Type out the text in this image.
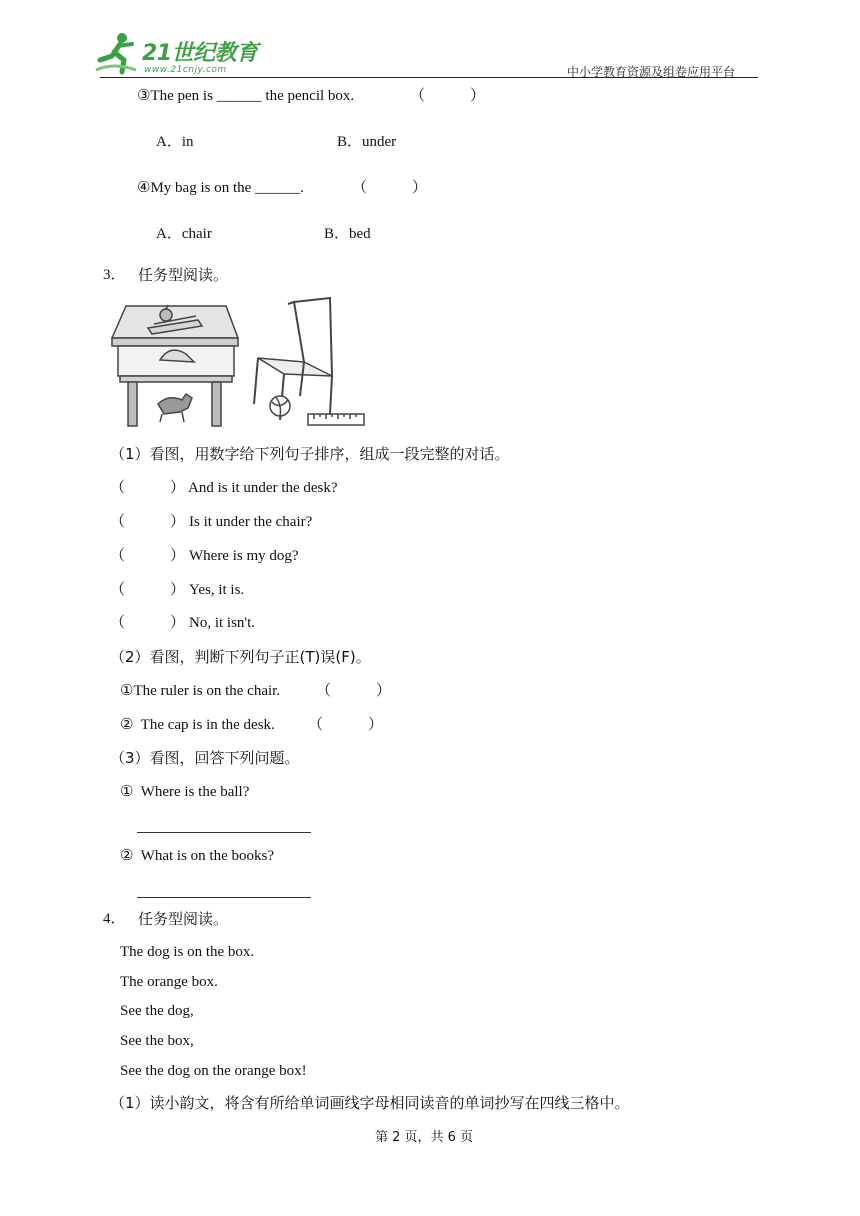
21世纪教育
www.21cnjy.com	中小学教育资源及组卷应用平台
③The pen is ______ the pencil box.	（　　　）
A．in	B．under
④My bag is on the ______.	（　　　）
A．chair	B．bed
3． 任务型阅读。
（1）看图，用数字给下列句子排序，组成一段完整的对话。
（　　　） And is it under the desk?
（　　　） Is it under the chair?
（　　　） Where is my dog?
（　　　） Yes, it is.
（　　　） No, it isn't.
（2）看图，判断下列句子正(T)误(F)。
①The ruler is on the chair. （　　　）
②  The cap is in the desk. （　　　）
（3）看图，回答下列问题。
①  Where is the ball?
②  What is on the books?
4． 任务型阅读。
The dog is on the box.
The orange box.
See the dog,
See the box,
See the dog on the orange box!
（1）读小韵文，将含有所给单词画线字母相同读音的单词抄写在四线三格中。
第 2 页，共 6 页
